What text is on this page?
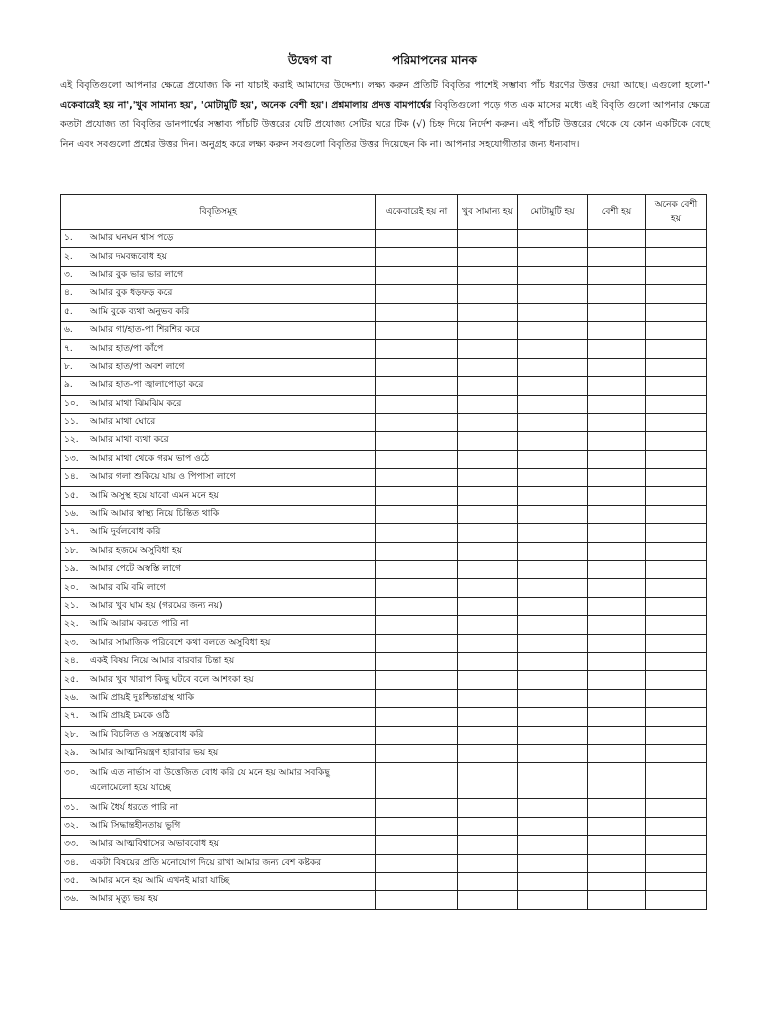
উদ্বেগ বা	পরিমাপনের মানক
এই বিবৃতিগুলো আপনার ক্ষেত্রে প্রযোজ্য কি না যাচাই করাই আমাদের উদ্দেশ্য। লক্ষ্য করুন প্রতিটি বিবৃতির পাশেই সম্ভাব্য পাঁচ ধরণের উত্তর দেয়া আছে। এগুলো হলো-' একেবারেই হয় না','খুব সামান্য হয়', 'মোটামুটি হয়', অনেক বেশী হয়'। প্রশ্নমালায় প্রদত্ত বামপার্শ্বের বিবৃতিগুলো পড়ে গত এক মাসের মধ্যে এই বিবৃতি গুলো আপনার ক্ষেত্রে কতটা প্রযোজ্য তা বিবৃতির ডানপার্শ্বের সম্ভাব্য পাঁচটি উত্তরের যেটি প্রযোজ্য সেটির ঘরে টিক (√) চিহ্ন দিয়ে নির্দেশ করুন। এই পাঁচটি উত্তরের থেকে যে কোন একটিকে বেছে নিন এবং সবগুলো প্রশ্নের উত্তর দিন। অনুগ্রহ করে লক্ষ্য করুন সবগুলো বিবৃতির উত্তর দিয়েছেন কি না। আপনার সহযোগীতার জন্য ধন্যবাদ।
বিবৃতিসমূহ	একেবারেই হয় না	খুব সামান্য হয়	মোটামুটি হয়	বেশী হয়	অনেক বেশী হয়
১. আমার ঘনঘন শ্বাস পড়ে					
২. আমার দমবন্ধবোধ হয়					
৩. আমার বুক ভার ভার লাগে					
৪. আমার বুক ধড়ফড় করে					
৫. আমি বুকে ব্যথা অনুভব করি					
৬. আমার গা/হাত-পা শিরশির করে					
৭. আমার হাত/পা কাঁপে					
৮. আমার হাত/পা অবশ লাগে					
৯. আমার হাত-পা জ্বালাপোড়া করে					
১০. আমার মাথা ঝিমঝিম করে					
১১. আমার মাথা ঘোরে					
১২. আমার মাথা ব্যথা করে					
১৩. আমার মাথা থেকে গরম ভাপ ওঠে					
১৪. আমার গলা শুকিয়ে যায় ও পিপাসা লাগে					
১৫. আমি অসুস্থ হয়ে যাবো এমন মনে হয়					
১৬. আমি আমার স্বাস্থ্য নিয়ে চিন্তিত থাকি					
১৭. আমি দুর্বলবোধ করি					
১৮. আমার হজমে অসুবিধা হয়					
১৯. আমার পেটে অস্বস্তি লাগে					
২০. আমার বমি বমি লাগে					
২১. আমার খুব ঘাম হয় (গরমের জন্য নয়)					
২২. আমি আরাম করতে পারি না					
২৩. আমার সামাজিক পরিবেশে কথা বলতে অসুবিধা হয়					
২৪. একই বিষয় নিয়ে আমার বারবার চিন্তা হয়					
২৫. আমার খুব খারাপ কিছু ঘটবে বলে আশংকা হয়					
২৬. আমি প্রায়ই দুঃশ্চিন্তাগ্রস্থ থাকি					
২৭. আমি প্রায়ই চমকে ওঠি					
২৮. আমি বিচলিত ও সন্ত্রস্তবোধ করি					
২৯. আমার আত্মনিয়ন্ত্রণ হারাবার ভয় হয়					
৩০. আমি এত নার্ভাস বা উত্তেজিত বোধ করি যে মনে হয় আমার সবকিছু এলোমেলো হয়ে যাচ্ছে					
৩১. আমি ধৈর্য ধরতে পারি না					
৩২. আমি সিদ্ধান্তহীনতায় ভুগি					
৩৩. আমার আত্মবিশ্বাসের অভাববোধ হয়					
৩৪. একটা বিষয়ের প্রতি মনোযোগ দিয়ে রাখা আমার জন্য বেশ কষ্টকর					
৩৫. আমার মনে হয় আমি এখনই মারা যাচ্ছি					
৩৬. আমার মৃত্যু ভয় হয়					
